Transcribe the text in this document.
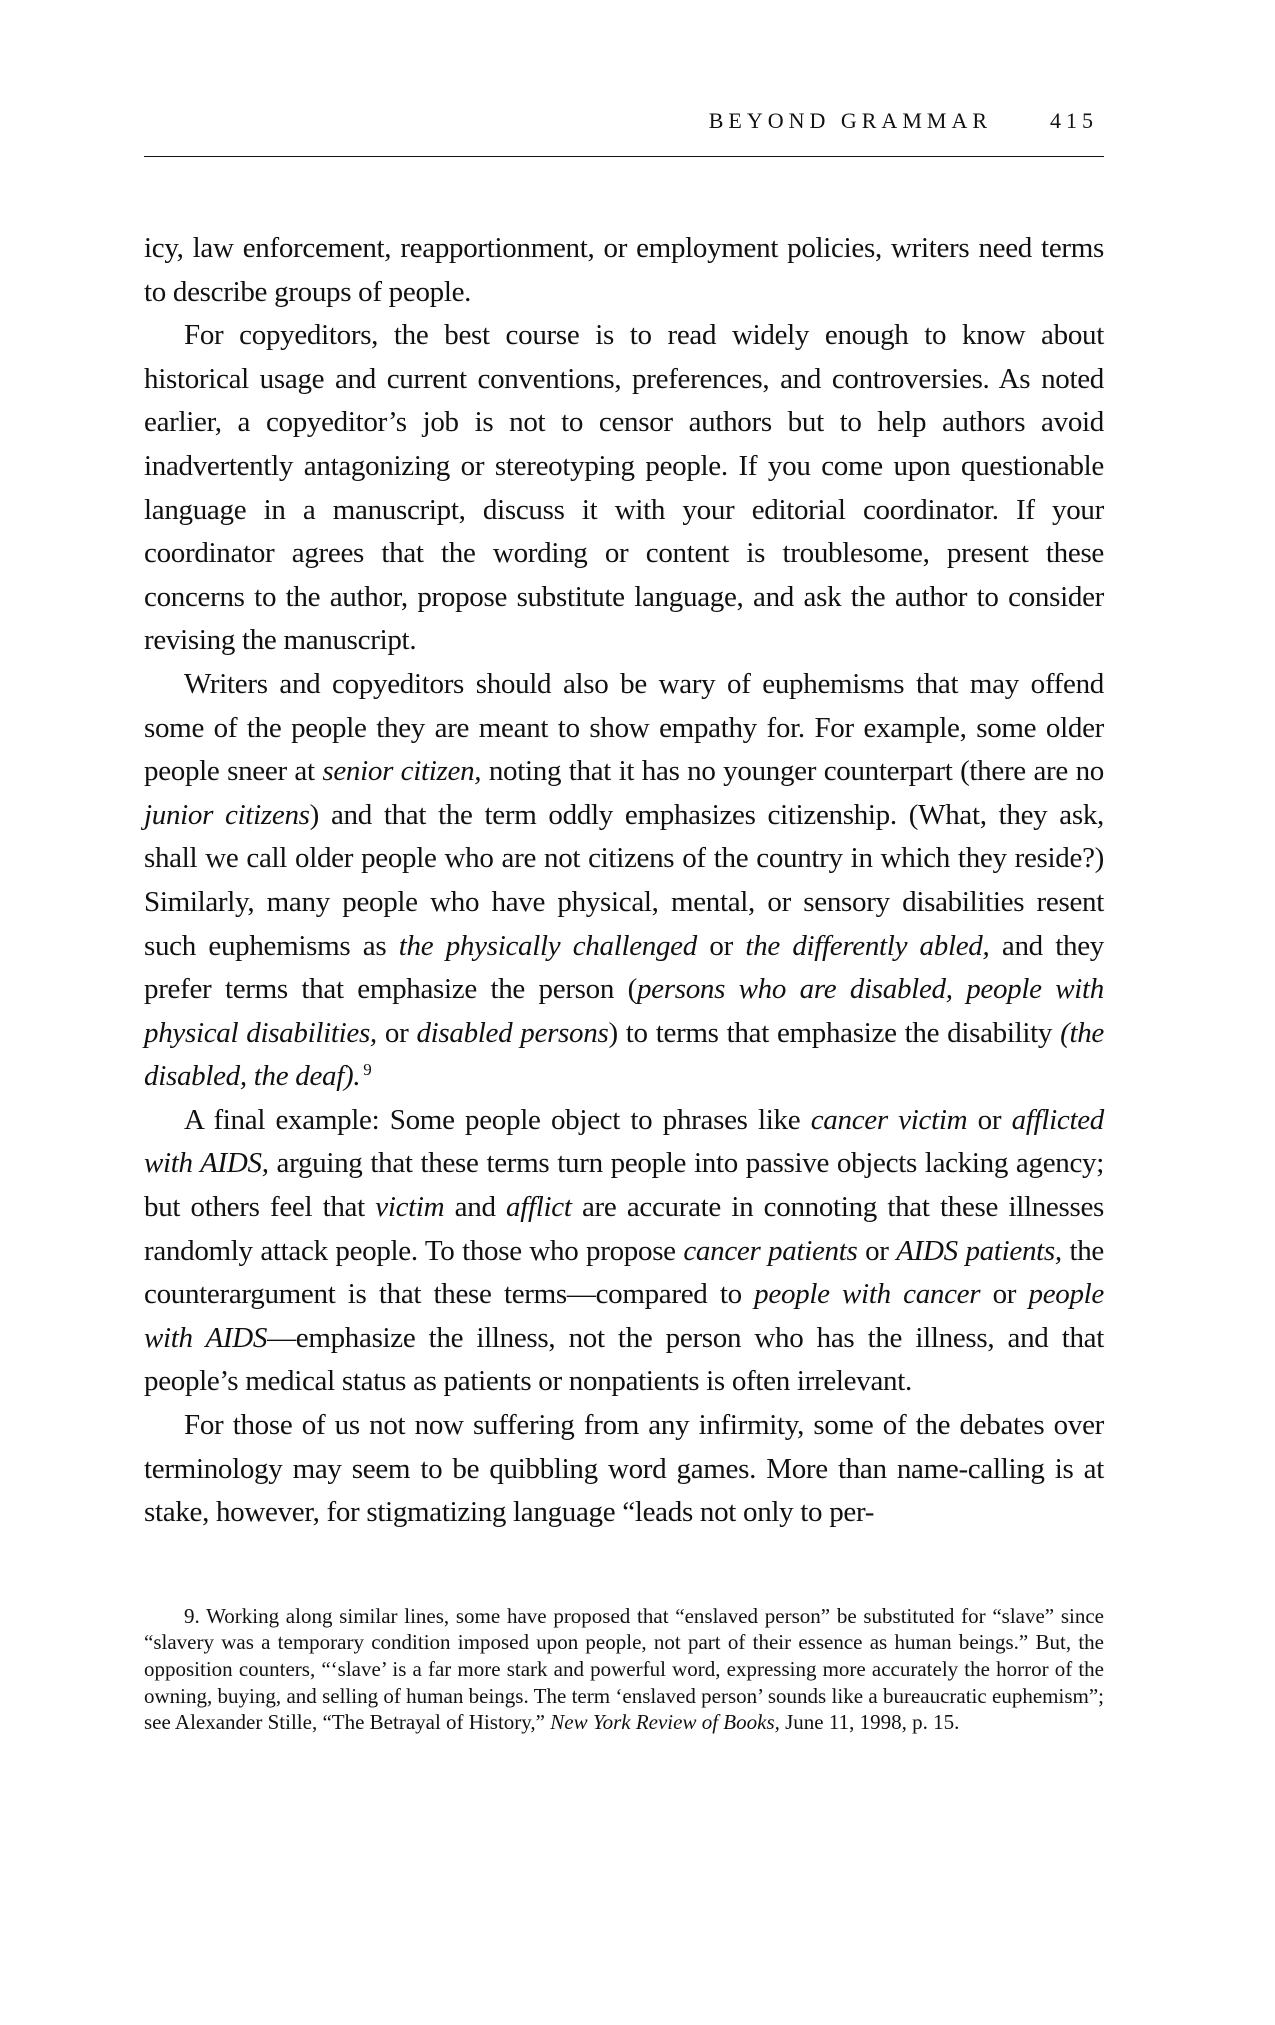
BEYOND GRAMMAR	415

icy, law enforcement, reapportionment, or employment policies, writers need terms to describe groups of people.

For copyeditors, the best course is to read widely enough to know about historical usage and current conventions, preferences, and controversies. As noted earlier, a copyeditor’s job is not to censor authors but to help authors avoid inadvertently antagonizing or stereotyping people. If you come upon questionable language in a manuscript, discuss it with your editorial coordinator. If your coordinator agrees that the wording or content is troublesome, present these concerns to the author, propose substitute language, and ask the author to consider revising the manuscript.

Writers and copyeditors should also be wary of euphemisms that may offend some of the people they are meant to show empathy for. For example, some older people sneer at senior citizen, noting that it has no younger counterpart (there are no junior citizens) and that the term oddly emphasizes citizenship. (What, they ask, shall we call older people who are not citizens of the country in which they reside?) Similarly, many people who have physical, mental, or sensory disabilities resent such euphemisms as the physically challenged or the differently abled, and they prefer terms that emphasize the person (persons who are disabled, people with physical disabilities, or disabled persons) to terms that emphasize the disability (the disabled, the deaf). $^9$

A final example: Some people object to phrases like cancer victim or afflicted with AIDS, arguing that these terms turn people into passive objects lacking agency; but others feel that victim and afflict are accurate in connoting that these illnesses randomly attack people. To those who propose cancer patients or AIDS patients, the counterargument is that these terms—compared to people with cancer or people with AIDS—emphasize the illness, not the person who has the illness, and that people’s medical status as patients or nonpatients is often irrelevant.

For those of us not now suffering from any infirmity, some of the debates over terminology may seem to be quibbling word games. More than name-calling is at stake, however, for stigmatizing language “leads not only to per-

9. Working along similar lines, some have proposed that “enslaved person” be substituted for “slave” since “slavery was a temporary condition imposed upon people, not part of their essence as human beings.” But, the opposition counters, “‘slave’ is a far more stark and powerful word, expressing more accurately the horror of the owning, buying, and selling of human beings. The term ‘enslaved person’ sounds like a bureaucratic euphemism”; see Alexander Stille, “The Betrayal of History,” New York Review of Books, June 11, 1998, p. 15.
